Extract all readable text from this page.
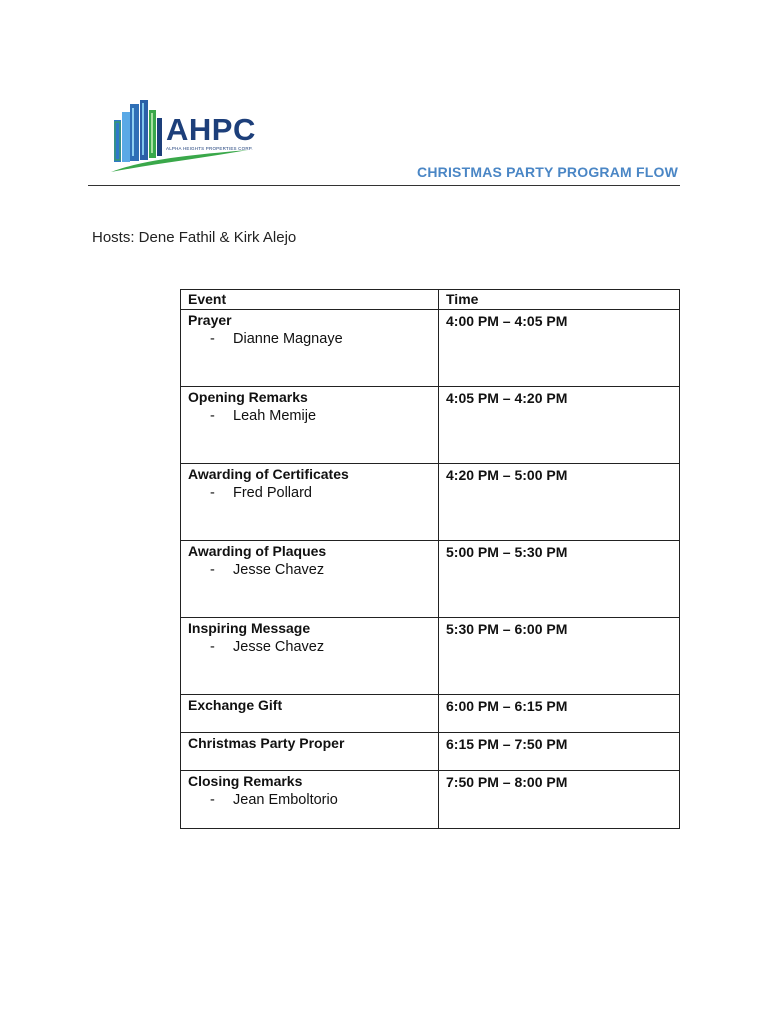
AHPC
ALPHA HEIGHTS PROPERTIES CORP.
CHRISTMAS PARTY PROGRAM FLOW
Hosts: Dene Fathil & Kirk Alejo
Event	Time

Prayer
- Dianne Magnaye	4:00 PM – 4:05 PM

Opening Remarks
- Leah Memije	4:05 PM – 4:20 PM

Awarding of Certificates
- Fred Pollard	4:20 PM – 5:00 PM

Awarding of Plaques
- Jesse Chavez	5:00 PM – 5:30 PM

Inspiring Message
- Jesse Chavez	5:30 PM – 6:00 PM

Exchange Gift	6:00 PM – 6:15 PM

Christmas Party Proper	6:15 PM – 7:50 PM

Closing Remarks
- Jean Emboltorio	7:50 PM – 8:00 PM
